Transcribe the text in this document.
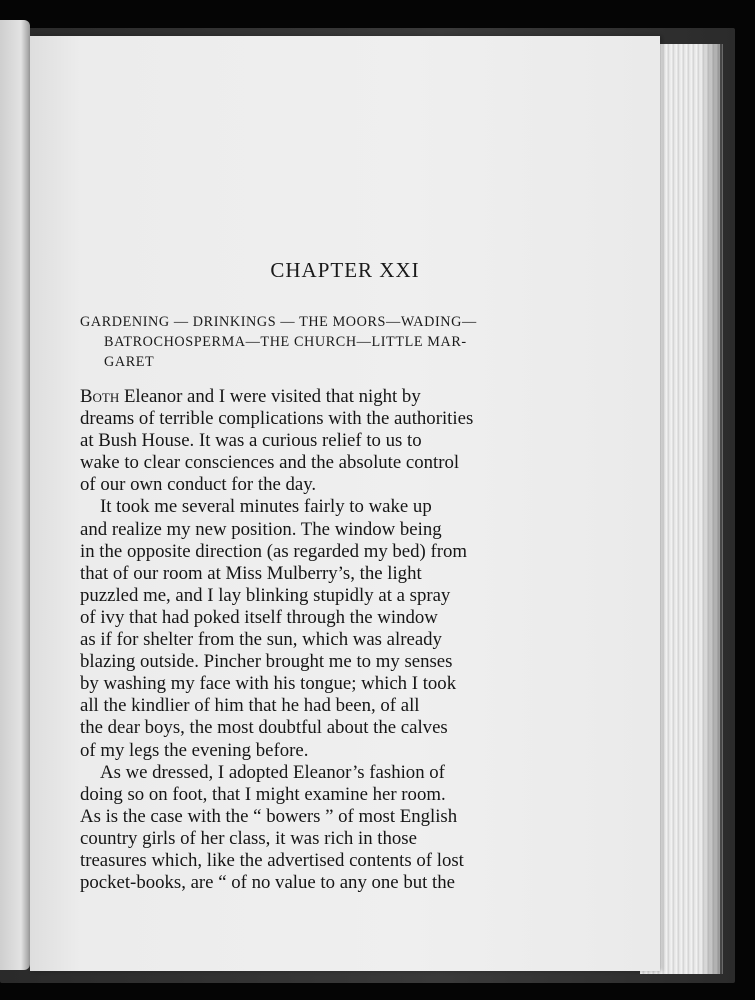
CHAPTER XXI
GARDENING — DRINKINGS — THE MOORS—WADING—
BATROCHOSPERMA—THE CHURCH—LITTLE MAR-
GARET
Both Eleanor and I were visited that night by
dreams of terrible complications with the authorities
at Bush House. It was a curious relief to us to
wake to clear consciences and the absolute control
of our own conduct for the day.
It took me several minutes fairly to wake up
and realize my new position. The window being
in the opposite direction (as regarded my bed) from
that of our room at Miss Mulberry’s, the light
puzzled me, and I lay blinking stupidly at a spray
of ivy that had poked itself through the window
as if for shelter from the sun, which was already
blazing outside. Pincher brought me to my senses
by washing my face with his tongue; which I took
all the kindlier of him that he had been, of all
the dear boys, the most doubtful about the calves
of my legs the evening before.
As we dressed, I adopted Eleanor’s fashion of
doing so on foot, that I might examine her room.
As is the case with the “ bowers ” of most English
country girls of her class, it was rich in those
treasures which, like the advertised contents of lost
pocket-books, are “ of no value to any one but the
